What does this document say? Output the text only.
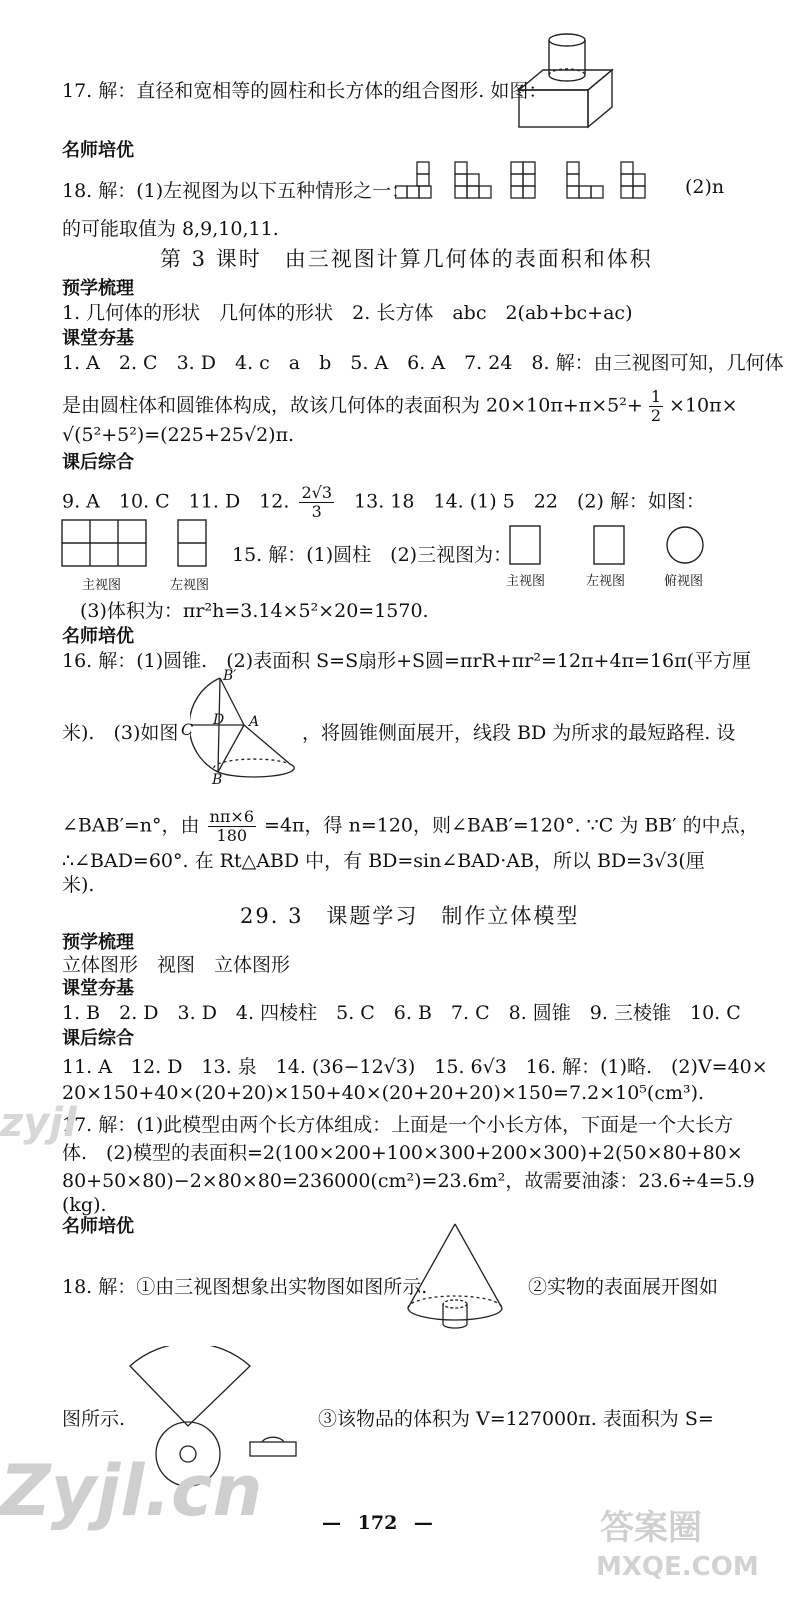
17. 解：直径和宽相等的圆柱和长方体的组合图形. 如图：
名师培优
18. 解：(1)左视图为以下五种情形之一：	(2)n
的可能取值为 8,9,10,11.
第 3 课时　由三视图计算几何体的表面积和体积
预学梳理
1. 几何体的形状　几何体的形状　2. 长方体　abc　2(ab+bc+ac)
课堂夯基
1. A　2. C　3. D　4. c　a　b　5. A　6. A　7. 24　8. 解：由三视图可知，几何体
是由圆柱体和圆锥体构成，故该几何体的表面积为 $20\times 10\pi+\pi\times 5^2+ \frac{1}{2} \times 10\pi\times$
√(5²+5²)=(225+25√2)π.
课后综合
9. A　10. C　11. D　12. $\frac{2√3}{3} 13$. 18　14. (1) 5　22　(2) 解：如图：
主视图	左视图
15. 解：(1)圆柱　(2)三视图为：
主视图	左视图	俯视图
(3)体积为：πr²h=3.14×5²×20=1570.
名师培优
16. 解：(1)圆锥.　(2)表面积 S=S扇形+S圆=πrR+πr²=12π+4π=16π(平方厘
米).　(3)如图
B′
D
C	A
B
，将圆锥侧面展开，线段 BD 为所求的最短路程. 设
∠BAB′=n°，由 $\frac{n\pi\times 6}{180} =4\pi$，得 n=120，则∠BAB′=120°. ∵C 为 BB′ 的中点，
∴∠BAD=60°. 在 Rt△ABD 中，有 BD=sin∠BAD·AB，所以 BD=3√3(厘
米).
29. 3　课题学习　制作立体模型
预学梳理
立体图形　视图　立体图形
课堂夯基
1. B　2. D　3. D　4. 四棱柱　5. C　6. B　7. C　8. 圆锥　9. 三棱锥　10. C
课后综合
11. A　12. D　13. 泉　14. (36−12√3)　15. 6√3　16. 解：(1)略.　(2)V=40×
20×150+40×(20+20)×150+40×(20+20+20)×150=7.2×10⁵(cm³).
17. 解：(1)此模型由两个长方体组成：上面是一个小长方体，下面是一个大长方
体.　(2)模型的表面积=2(100×200+100×300+200×300)+2(50×80+80×
80+50×80)−2×80×80=236000(cm²)=23.6m²，故需要油漆：23.6÷4=5.9
(kg).
名师培优
18. 解：①由三视图想象出实物图如图所示.	②实物的表面展开图如
图所示.	③该物品的体积为 V=127000π. 表面积为 S=
— 172 —
Zyjl.cn
zyjl
答案圈
MXQE.COM
